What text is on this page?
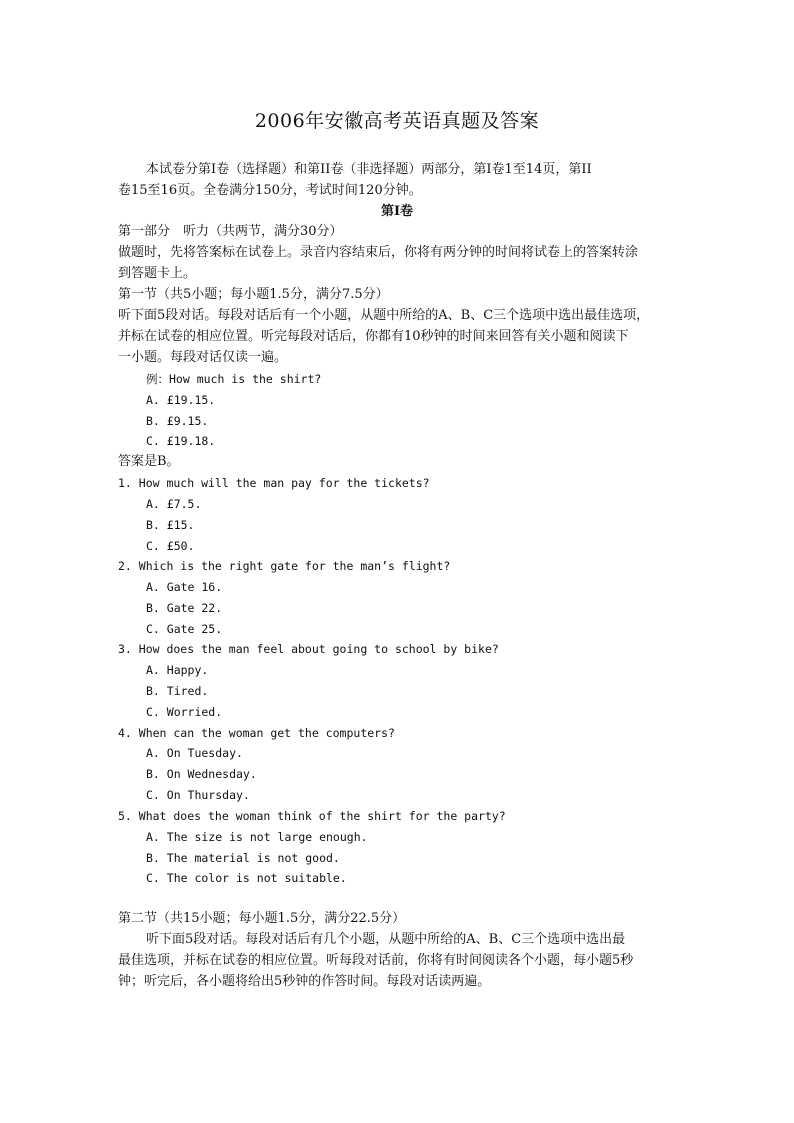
2006年安徽高考英语真题及答案
本试卷分第Ⅰ卷（选择题）和第II卷（非选择题）两部分，第Ⅰ卷1至14页，第II
卷15至16页。全卷满分150分，考试时间120分钟。
第Ⅰ卷
第一部分　听力（共两节，满分30分）
做题时，先将答案标在试卷上。录音内容结束后，你将有两分钟的时间将试卷上的答案转涂
到答题卡上。
第一节（共5小题；每小题1.5分，满分7.5分）
听下面5段对话。每段对话后有一个小题，从题中所给的A、B、C三个选项中选出最佳选项，
并标在试卷的相应位置。听完每段对话后，你都有10秒钟的时间来回答有关小题和阅读下
一小题。每段对话仅读一遍。
例：How much is the shirt?
A. £19.15.
B. £9.15.
C. £19.18.
答案是B。
1. How much will the man pay for the tickets?
A. £7.5.
B. £15.
C. £50.
2. Which is the right gate for the man’s flight?
A. Gate 16.
B. Gate 22.
C. Gate 25.
3. How does the man feel about going to school by bike?
A. Happy.
B. Tired.
C. Worried.
4. When can the woman get the computers?
A. On Tuesday.
B. On Wednesday.
C. On Thursday.
5. What does the woman think of the shirt for the party?
A. The size is not large enough.
B. The material is not good.
C. The color is not suitable.
第二节（共15小题；每小题1.5分，满分22.5分）
听下面5段对话。每段对话后有几个小题，从题中所给的A、B、C三个选项中选出最
最佳选项，并标在试卷的相应位置。听每段对话前，你将有时间阅读各个小题，每小题5秒
钟；听完后，各小题将给出5秒钟的作答时间。每段对话读两遍。
